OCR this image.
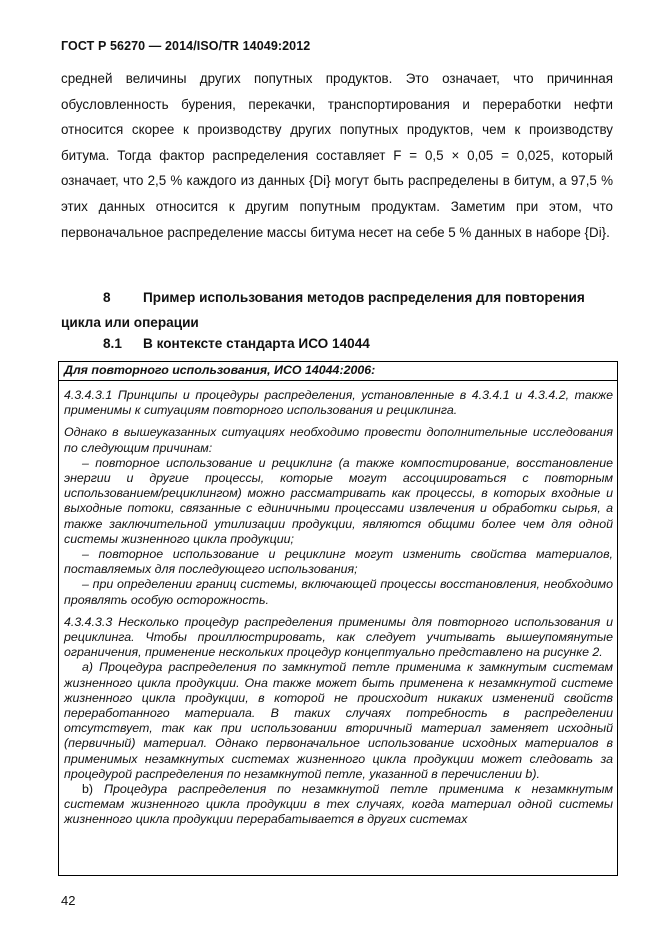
ГОСТ Р 56270 — 2014/ISO/TR 14049:2012

средней величины других попутных продуктов. Это означает, что причинная обусловленность бурения, перекачки, транспортирования и переработки нефти относится скорее к производству других попутных продуктов, чем к производству битума. Тогда фактор распределения составляет F = 0,5 × 0,05 = 0,025, который означает, что 2,5 % каждого из данных {Di} могут быть распределены в битум, а 97,5 % этих данных относится к другим попутным продуктам. Заметим при этом, что первоначальное распределение массы битума несет на себе 5 % данных в наборе {Di}.

8 Пример использования методов распределения для повторения цикла или операции
8.1 В контексте стандарта ИСО 14044
Для повторного использования, ИСО 14044:2006:

4.3.4.3.1 Принципы и процедуры распределения, установленные в 4.3.4.1 и 4.3.4.2, также применимы к ситуациям повторного использования и рециклинга.

Однако в вышеуказанных ситуациях необходимо провести дополнительные исследования по следующим причинам:

– повторное использование и рециклинг (а также компостирование, восстановление энергии и другие процессы, которые могут ассоциироваться с повторным использованием/рециклингом) можно рассматривать как процессы, в которых входные и выходные потоки, связанные с единичными процессами извлечения и обработки сырья, а также заключительной утилизации продукции, являются общими более чем для одной системы жизненного цикла продукции;

– повторное использование и рециклинг могут изменить свойства материалов, поставляемых для последующего использования;

– при определении границ системы, включающей процессы восстановления, необходимо проявлять особую осторожность.

4.3.4.3.3 Несколько процедур распределения применимы для повторного использования и рециклинга. Чтобы проиллюстрировать, как следует учитывать вышеупомянутые ограничения, применение нескольких процедур концептуально представлено на рисунке 2.

а) Процедура распределения по замкнутой петле применима к замкнутым системам жизненного цикла продукции. Она также может быть применена к незамкнутой системе жизненного цикла продукции, в которой не происходит никаких изменений свойств переработанного материала. В таких случаях потребность в распределении отсутствует, так как при использовании вторичный материал заменяет исходный (первичный) материал. Однако первоначальное использование исходных материалов в применимых незамкнутых системах жизненного цикла продукции может следовать за процедурой распределения по незамкнутой петле, указанной в перечислении b).

b) Процедура распределения по незамкнутой петле применима к незамкнутым системам жизненного цикла продукции в тех случаях, когда материал одной системы жизненного цикла продукции перерабатывается в других системах

42
